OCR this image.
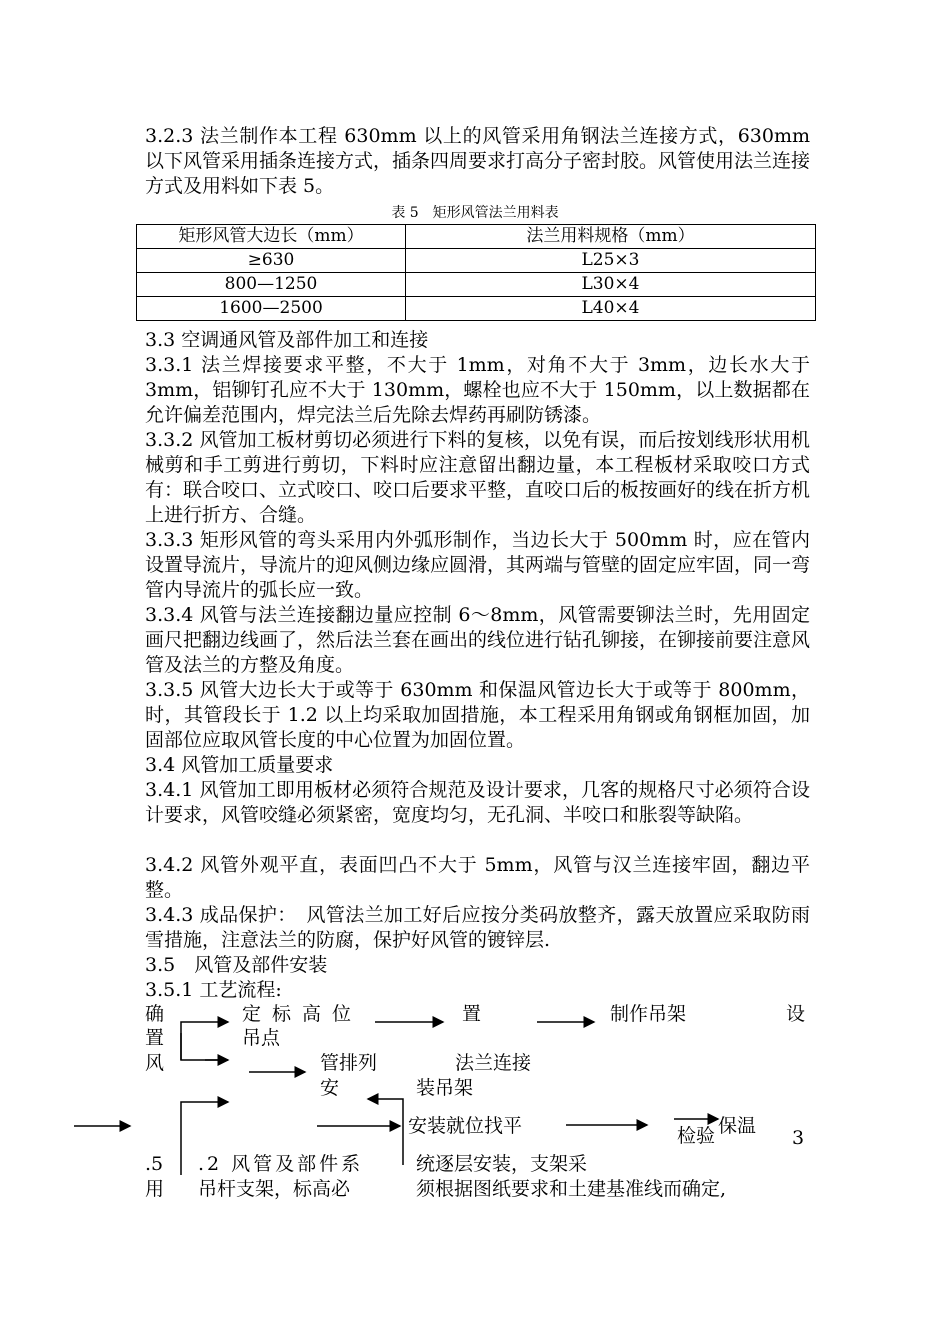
3.2.3 法兰制作本工程 630mm 以上的风管采用角钢法兰连接方式，630mm 以下风管采用插条连接方式，插条四周要求打高分子密封胶。风管使用法兰连接方式及用料如下表 5。
表 5　矩形风管法兰用料表
矩形风管大边长（mm）	法兰用料规格（mm）
≥630	L25×3
800—1250	L30×4
1600—2500	L40×4
3.3 空调通风管及部件加工和连接
3.3.1 法兰焊接要求平整，不大于 1mm，对角不大于 3mm，边长水大于 3mm，铝铆钉孔应不大于 130mm，螺栓也应不大于 150mm，以上数据都在允许偏差范围内，焊完法兰后先除去焊药再刷防锈漆。
3.3.2 风管加工板材剪切必须进行下料的复核，以免有误，而后按划线形状用机械剪和手工剪进行剪切，下料时应注意留出翻边量，本工程板材采取咬口方式有：联合咬口、立式咬口、咬口后要求平整，直咬口后的板按画好的线在折方机上进行折方、合缝。
3.3.3 矩形风管的弯头采用内外弧形制作，当边长大于 500mm 时，应在管内设置导流片，导流片的迎风侧边缘应圆滑，其两端与管壁的固定应牢固，同一弯管内导流片的弧长应一致。
3.3.4 风管与法兰连接翻边量应控制 6～8mm，风管需要铆法兰时，先用固定画尺把翻边线画了，然后法兰套在画出的线位进行钻孔铆接，在铆接前要注意风管及法兰的方整及角度。
3.3.5 风管大边长大于或等于 630mm 和保温风管边长大于或等于 800mm，时，其管段长于 1.2 以上均采取加固措施，本工程采用角钢或角钢框加固，加固部位应取风管长度的中心位置为加固位置。
3.4 风管加工质量要求
3.4.1 风管加工即用板材必须符合规范及设计要求，几客的规格尺寸必须符合设计要求，风管咬缝必须紧密，宽度均匀，无孔洞、半咬口和胀裂等缺陷。
3.4.2 风管外观平直，表面凹凸不大于 5mm，风管与汉兰连接牢固，翻边平整。
3.4.3 成品保护：　风管法兰加工好后应按分类码放整齐，露天放置应采取防雨雪措施，注意法兰的防腐，保护好风管的镀锌层.
3.5　风管及部件安装
3.5.1 工艺流程:
确
置
风
定标高位
吊点
置	制作吊架	设
管排列
安
法兰连接
装吊架
安装就位找平	检验 保温
3
.5
用
.2 风管及部件系
吊杆支架，标高必
统逐层安装，支架采
须根据图纸要求和土建基准线而确定,
